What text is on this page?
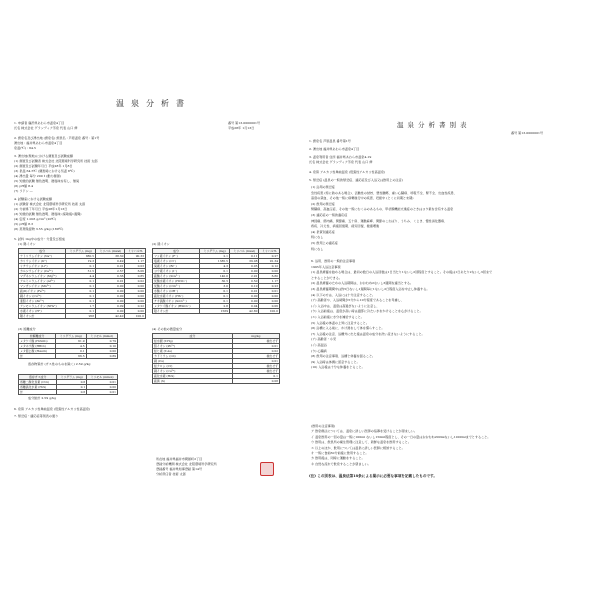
温泉分析書
番号 第13-0000001号
平成28年 1月13日
1. 申請者 鹿沢県あわら市温泉4丁目
氏名 株式会社 グランディア芳泉 代表 山口 修
2. 源泉名及び湧出地 (源泉名) 源泉名 : 芦原温泉 番号 : 第1号
湧出地 : 福井県あわら市温泉4丁目
泉温(℃) : 64.5
3. 湧出地(現地)における調査及び試験成績
(1) 調査及び試験者 株式会社 北陸環境科学研究所 技術 太郎
(2) 調査及び試験年月日 平成28年 1月8日
(3) 泉温 64.5℃ (調査時における気温 8℃)
(4) 湧出量 毎分 200 ℓ (動力揚湯)
(5) 知覚的試験 無色透明、微塩味を有し、無臭
(6) pH値 8.4
(7) ラドン ―
4. 試験室における試験成績
(1) 試験者 株式会社 北陸環境科学研究所 技術 太郎
(2) 分析終了年月日 平成28年1月13日
(3) 知覚的試験 無色透明、微塩味 (採取後1週間)
(4) 密度 1.003 g/cm³ (20℃)
(5) pH値 8.3
(6) 蒸発残留物 3.55 g/kg (180℃)
5. 試料 1kg中の成分・分量及び組成
(1) 陽イオン	(2) 陰イオン
成分	ミリグラム (mg)	ミリバル (mval)	ミリバル%
ナトリウムイオン (Na⁺)	880.5	38.30	90.33
カリウムイオン (K⁺)	19.3	0.49	1.17
リチウムイオン (Li⁺)	0.1	0.01	0.03
カルシウムイオン (Ca²⁺)	51.5	2.57	6.06
マグネシウムイオン (Mg²⁺)	4.4	0.36	0.85
アルミニウムイオン (Al³⁺)	0.1	0.01	0.02
マンガンイオン (Mn²⁺)	0.1	0.00	0.00
鉄(II)イオン (Fe²⁺)	0.1	0.00	0.00
銅イオン (Cu²⁺)	0.1	0.00	0.00
亜鉛イオン (Zn²⁺)	0.1	0.00	0.00
アンモニウムイオン (NH₄⁺)	1.7	0.09	0.22
水素イオン (H⁺)	0.1	0.00	0.00
陽イオン計	958	42.40	100.0
成分	ミリグラム (mg)	ミリバル (mval)	ミリバル%
フッ素イオン (F⁻)	2.1	0.11	0.27
塩素イオン (Cl⁻)	1385.5	39.08	91.34
臭素イオン (Br⁻)	4.3	0.05	0.12
ヨウ素イオン (I⁻)	0.1	0.00	0.00
硫酸イオン (SO₄²⁻)	140.0	2.91	6.80
炭酸水素イオン (HCO₃⁻)	30.5	0.50	1.17
炭酸イオン (CO₃²⁻)	3.0	0.10	0.23
水酸イオン (OH⁻)	0.1	0.01	0.01
硫化水素イオン (HS⁻)	0.1	0.00	0.00
チオ硫酸イオン (S₂O₃²⁻)	0.1	0.00	0.00
メタケイ酸イオン (HSiO₃⁻)	2.8	0.04	0.06
陰イオン計	1569	42.80	100.0
(3) 遊離成分
非解離成分	ミリグラム (mg)	ミリモル (mmol)
メタケイ酸 (H₂SiO₃)	61.9	0.79
メタホウ酸 (HBO₂)	4.5	0.10
メタ亜ヒ酸 (HAsO₂)	0.1	0.00
計	66.5	0.89
溶存物質計 (ガス性のものを除く) 2.59 g/kg
溶存ガス成分	ミリグラム (mg)	ミリモル (mmol)
遊離二酸化炭素 (CO₂)	0.6	0.01
遊離硫化水素 (H₂S)	0.1	0.00
計	0.6	0.01
成分総計 2.59 g/kg
(4) その他の微量成分
成分	mg/kg
総水銀 (T-Hg)	検出せず
鉛イオン (Pb²⁺)	0.01
総ヒ素 (T-As)	0.02
カドミウム (Cd)	検出せず
銅 (Cu)	0.01
総クロム (Cr)	検出せず
銅イオン (Cu²⁺)	検出せず
硫化水素 (H₂S)	0.1
硫黄 (S)	0.08
6. 泉質 アルカリ性単純温泉 (低張性アルカリ性高温泉)
7. 禁忌症・適応症等別表の通り
所在地 福井県福井市問屋町2丁目
登録分析機関 株式会社 北陸環境科学研究所
登録番号 福井県知事登録 第14号
分析責任者 技術 太郎
温泉分析書別表
番号 第13-0000001号
1. 源泉名 芦原温泉 番号第1号
2. 湧出地 福井県あわら市温泉4丁目
3. 温泉利用者 住所 福井県あわら市温泉4-19
氏名 株式会社 グランディア芳泉 代表 山口 修
4. 泉質 アルカリ性単純温泉 (低張性アルカリ性高温泉)
5. 禁忌症 (温泉の一般的禁忌症、適応症及び入浴又は飲用上の注意)
(1) 浴用の禁忌症
急性疾患 (特に熱のある場合)、活動性の結核、悪性腫瘍、重い心臓病、呼吸不全、腎不全、出血性疾患、
高度の貧血、その他一般に病勢進行中の疾患、妊娠中 (とくに初期と末期)
(2) 飲用の禁忌症
腎臓病、高血圧症、その他一般にむくみのあるもの、甲状腺機能亢進症のときはヨウ素を含有する温泉
(3) 適応症の一般的適応症
神経痛、筋肉痛、関節痛、五十肩、運動麻痺、関節のこわばり、うちみ、くじき、慢性消化器病、
痔疾、冷え性、病後回復期、疲労回復、健康増進
(4) 泉質別適応症
特になし
(5) 飲用上の適応症
特になし
6. 浴用、飲用の一般的注意事項
1995年入浴注意事項
(1) 温泉療養を始める場合は、最初の数日の入浴回数は1日当たり1ないし2回程度とすること。その後は1日あたり2ないし3回まで
とすることができる。
(2) 温泉療養のための入浴期間は、おおむね2ないし3週間を適当とする。
(3) 温泉療養期間中は約5日ないし1週間毎に1ないし2日程度入浴を中止し休養する。
(4) 以下の方は、入浴には十分注意すること。
(ア) 高齢者や、入浴時間が5分から10分程度であることを考慮し、
(イ) 入浴中は、温度は高過ぎないように注意し、
(ウ) 入浴前後は、温度が高い時は頭部に冷たい水をかけることを心がけること。
(エ) 入浴前後に水分を補給すること。
(5) 入浴後の体温の上昇に注意すること。
(6) 浴槽に入る前に、かけ湯をして体を慣らすこと。
(7) 入浴後の注意、浴槽外に出た後は温泉の成分を洗い流さないようにすること。
(ア) 高齢者・小児
(イ) 高温浴
(ウ) 心臓病
(8) 飲用の注意事項、浴槽と休養を図ること。
(9) 入浴時は体調に留意すること。
(10) 入浴後は十分な休養をとること。
(飲用の注意事項)
ア 飲泉療法については、温泉に詳しい医師の指導を受けることが望ましい。
イ 温泉飲用の一回の量は一般に100ml ないし150ml程度とし、その一日の量はおおむね200mlないし1000mlまでとすること。
ウ 飲用は、飲泉所の衛生管理に注意して、新鮮な温泉を飲用すること。
エ 以上のほか、飲用については温泉に詳しい医師に相談すること。
オ 一般に食前30分前後に飲用すること。
カ 飲用後は、同時に運動をすること。
キ 自然な流れで飲泉することが望ましい。
(注) この別表は、温泉法第18条による掲示に必要な事項を記載したものです。
